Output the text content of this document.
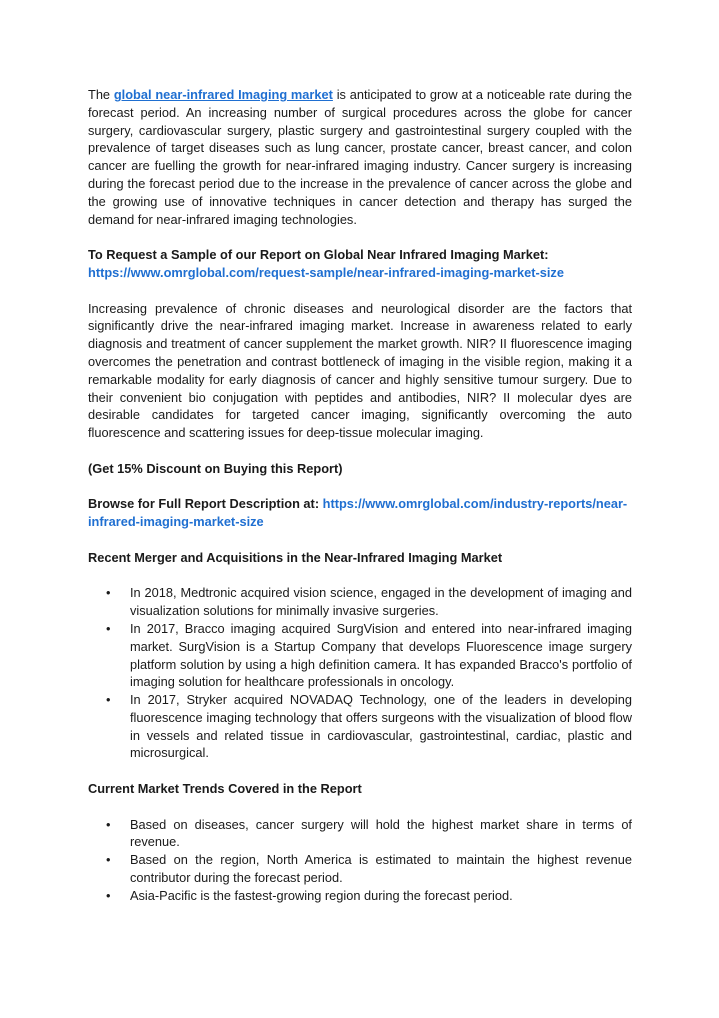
The global near-infrared Imaging market is anticipated to grow at a noticeable rate during the forecast period. An increasing number of surgical procedures across the globe for cancer surgery, cardiovascular surgery, plastic surgery and gastrointestinal surgery coupled with the prevalence of target diseases such as lung cancer, prostate cancer, breast cancer, and colon cancer are fuelling the growth for near-infrared imaging industry. Cancer surgery is increasing during the forecast period due to the increase in the prevalence of cancer across the globe and the growing use of innovative techniques in cancer detection and therapy has surged the demand for near-infrared imaging technologies.

To Request a Sample of our Report on Global Near Infrared Imaging Market:
https://www.omrglobal.com/request-sample/near-infrared-imaging-market-size

Increasing prevalence of chronic diseases and neurological disorder are the factors that significantly drive the near-infrared imaging market. Increase in awareness related to early diagnosis and treatment of cancer supplement the market growth. NIR? II fluorescence imaging overcomes the penetration and contrast bottleneck of imaging in the visible region, making it a remarkable modality for early diagnosis of cancer and highly sensitive tumour surgery. Due to their convenient bio conjugation with peptides and antibodies, NIR? II molecular dyes are desirable candidates for targeted cancer imaging, significantly overcoming the auto fluorescence and scattering issues for deep-tissue molecular imaging.

(Get 15% Discount on Buying this Report)

Browse for Full Report Description at: https://www.omrglobal.com/industry-reports/near-infrared-imaging-market-size

Recent Merger and Acquisitions in the Near-Infrared Imaging Market

• In 2018, Medtronic acquired vision science, engaged in the development of imaging and visualization solutions for minimally invasive surgeries.
• In 2017, Bracco imaging acquired SurgVision and entered into near-infrared imaging market. SurgVision is a Startup Company that develops Fluorescence image surgery platform solution by using a high definition camera. It has expanded Bracco's portfolio of imaging solution for healthcare professionals in oncology.
• In 2017, Stryker acquired NOVADAQ Technology, one of the leaders in developing fluorescence imaging technology that offers surgeons with the visualization of blood flow in vessels and related tissue in cardiovascular, gastrointestinal, cardiac, plastic and microsurgical.

Current Market Trends Covered in the Report

• Based on diseases, cancer surgery will hold the highest market share in terms of revenue.
• Based on the region, North America is estimated to maintain the highest revenue contributor during the forecast period.
• Asia-Pacific is the fastest-growing region during the forecast period.
